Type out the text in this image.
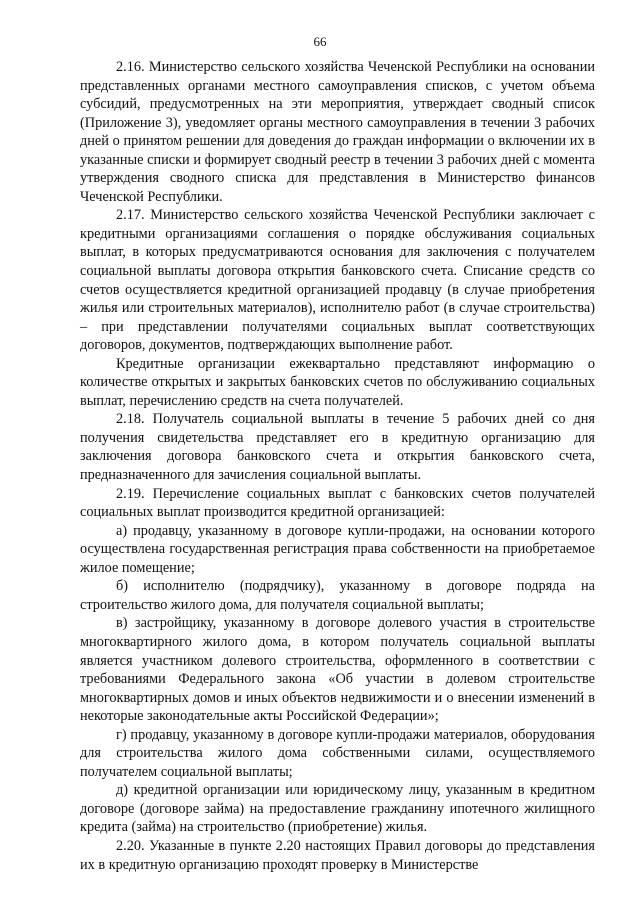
66

2.16. Министерство сельского хозяйства Чеченской Республики на основании представленных органами местного самоуправления списков, с учетом объема субсидий, предусмотренных на эти мероприятия, утверждает сводный список (Приложение 3), уведомляет органы местного самоуправления в течении 3 рабочих дней о принятом решении для доведения до граждан информации о включении их в указанные списки и формирует сводный реестр в течении 3 рабочих дней с момента утверждения сводного списка для представления в Министерство финансов Чеченской Республики.

2.17. Министерство сельского хозяйства Чеченской Республики заключает с кредитными организациями соглашения о порядке обслуживания социальных выплат, в которых предусматриваются основания для заключения с получателем социальной выплаты договора открытия банковского счета. Списание средств со счетов осуществляется кредитной организацией продавцу (в случае приобретения жилья или строительных материалов), исполнителю работ (в случае строительства) – при представлении получателями социальных выплат соответствующих договоров, документов, подтверждающих выполнение работ.

Кредитные организации ежеквартально представляют информацию о количестве открытых и закрытых банковских счетов по обслуживанию социальных выплат, перечислению средств на счета получателей.

2.18. Получатель социальной выплаты в течение 5 рабочих дней со дня получения свидетельства представляет его в кредитную организацию для заключения договора банковского счета и открытия банковского счета, предназначенного для зачисления социальной выплаты.

2.19. Перечисление социальных выплат с банковских счетов получателей социальных выплат производится кредитной организацией:

а) продавцу, указанному в договоре купли-продажи, на основании которого осуществлена государственная регистрация права собственности на приобретаемое жилое помещение;

б) исполнителю (подрядчику), указанному в договоре подряда на строительство жилого дома, для получателя социальной выплаты;

в) застройщику, указанному в договоре долевого участия в строительстве многоквартирного жилого дома, в котором получатель социальной выплаты является участником долевого строительства, оформленного в соответствии с требованиями Федерального закона «Об участии в долевом строительстве многоквартирных домов и иных объектов недвижимости и о внесении изменений в некоторые законодательные акты Российской Федерации»;

г) продавцу, указанному в договоре купли-продажи материалов, оборудования для строительства жилого дома собственными силами, осуществляемого получателем социальной выплаты;

д) кредитной организации или юридическому лицу, указанным в кредитном договоре (договоре займа) на предоставление гражданину ипотечного жилищного кредита (займа) на строительство (приобретение) жилья.

2.20. Указанные в пункте 2.20 настоящих Правил договоры до представления их в кредитную организацию проходят проверку в Министерстве
